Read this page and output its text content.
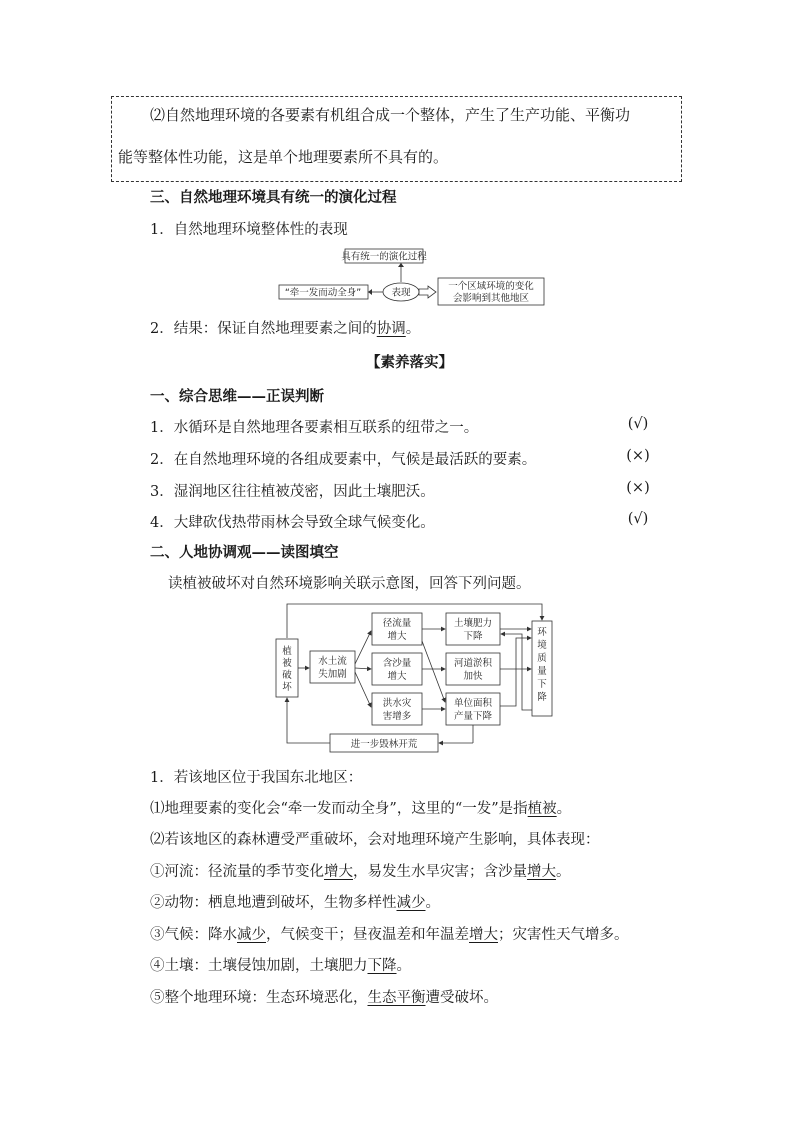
⑵自然地理环境的各要素有机组合成一个整体，产生了生产功能、平衡功
能等整体性功能，这是单个地理要素所不具有的。
三、自然地理环境具有统一的演化过程
1．自然地理环境整体性的表现
具有统一的演化过程
表现
“牵一发而动全身”
一个区域环境的变化
会影响到其他地区
2．结果：保证自然地理要素之间的协调。
【素养落实】
一、综合思维——正误判断
1．水循环是自然地理各要素相互联系的纽带之一。	(√)
2．在自然地理环境的各组成要素中，气候是最活跃的要素。	(×)
3．湿润地区往往植被茂密，因此土壤肥沃。	(×)
4．大肆砍伐热带雨林会导致全球气候变化。	(√)
二、人地协调观——读图填空
读植被破坏对自然环境影响关联示意图，回答下列问题。
植
被
破
坏
水土流
失加剧
径流量
增大
含沙量
增大
洪水灾
害增多
土壤肥力
下降
河道淤积
加快
单位面积
产量下降
环
境
质
量
下
降
进一步毁林开荒
1．若该地区位于我国东北地区：
⑴地理要素的变化会“牵一发而动全身”，这里的“一发”是指植被。
⑵若该地区的森林遭受严重破坏，会对地理环境产生影响，具体表现：
①河流：径流量的季节变化增大，易发生水旱灾害；含沙量增大。
②动物：栖息地遭到破坏，生物多样性减少。
③气候：降水减少，气候变干；昼夜温差和年温差增大；灾害性天气增多。
④土壤：土壤侵蚀加剧，土壤肥力下降。
⑤整个地理环境：生态环境恶化，生态平衡遭受破坏。
